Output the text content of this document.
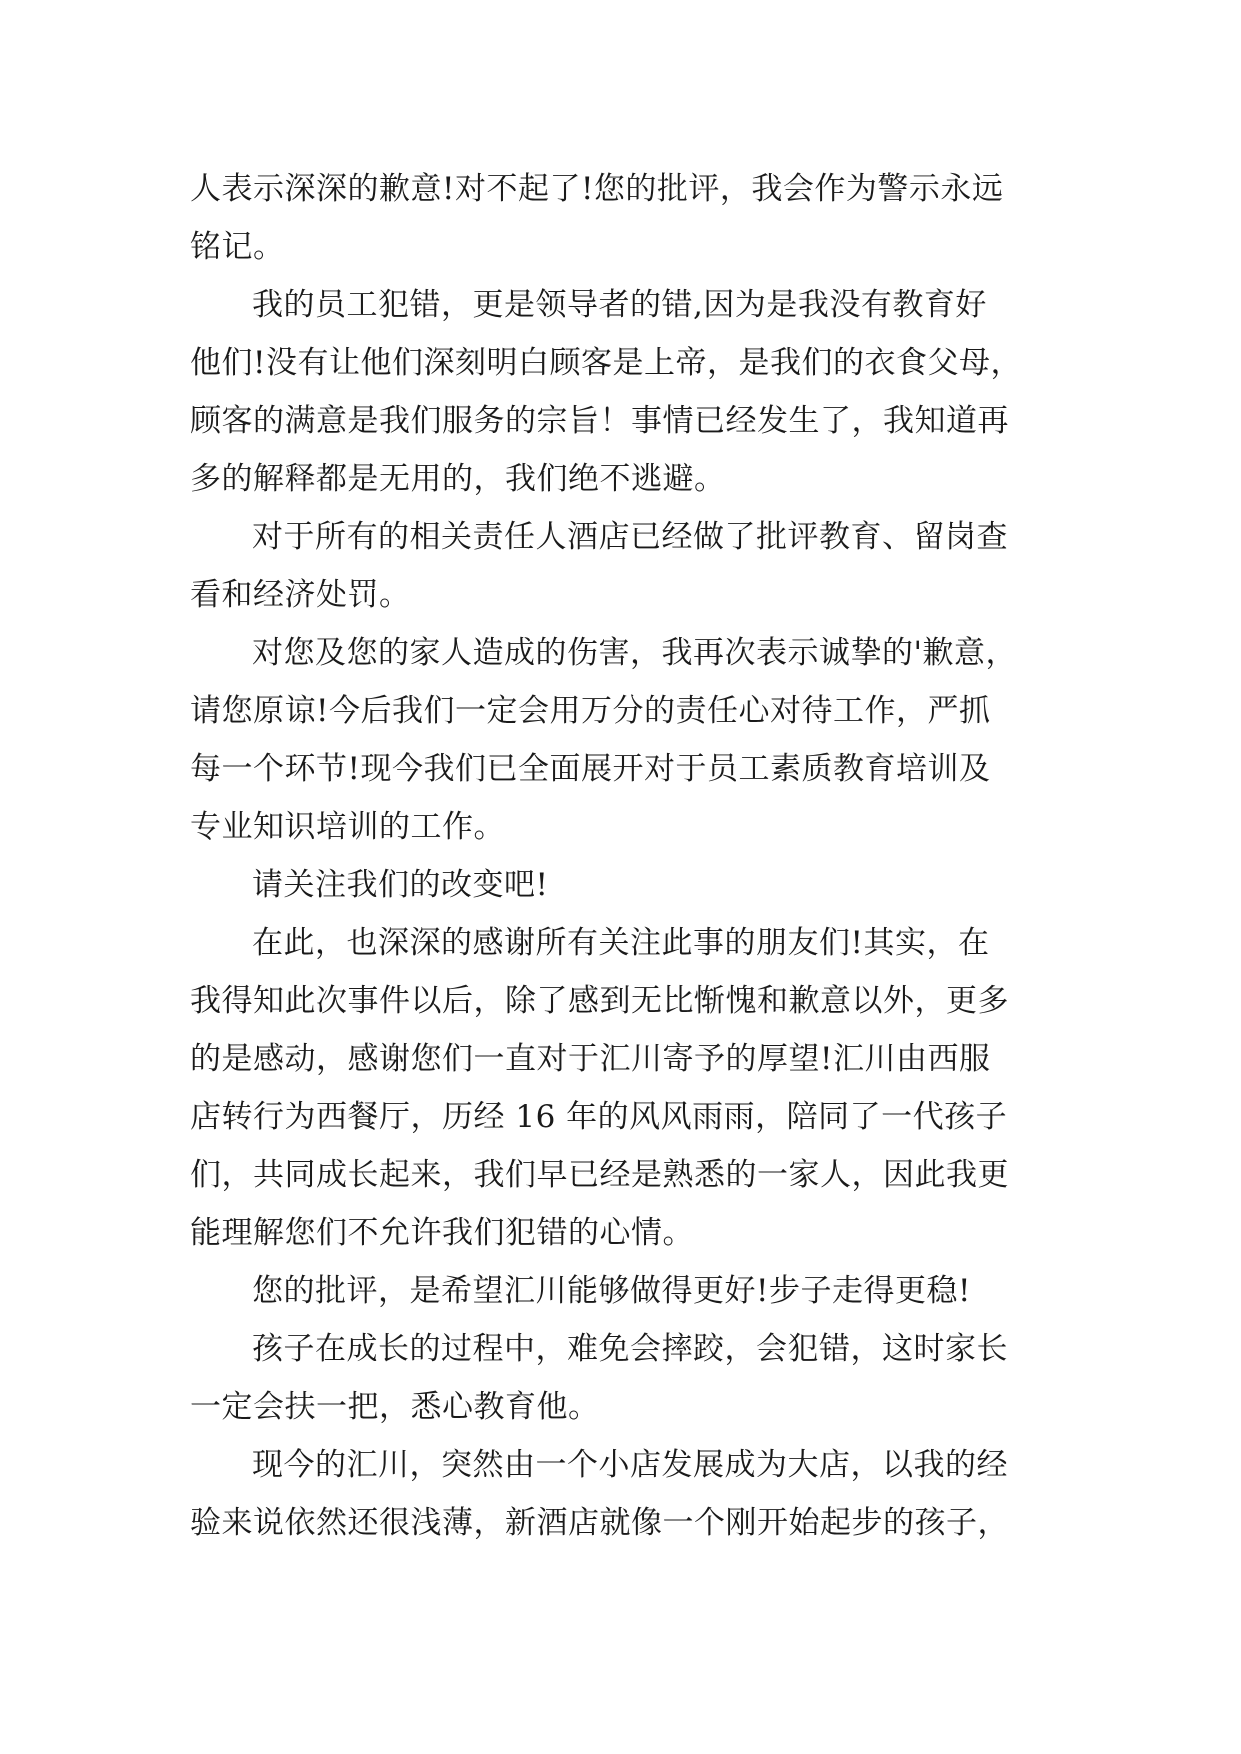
人表示深深的歉意!对不起了!您的批评，我会作为警示永远
铭记。
我的员工犯错，更是领导者的错,因为是我没有教育好
他们!没有让他们深刻明白顾客是上帝，是我们的衣食父母，
顾客的满意是我们服务的宗旨！事情已经发生了，我知道再
多的解释都是无用的，我们绝不逃避。
对于所有的相关责任人酒店已经做了批评教育、留岗查
看和经济处罚。
对您及您的家人造成的伤害，我再次表示诚挚的'歉意，
请您原谅!今后我们一定会用万分的责任心对待工作，严抓
每一个环节!现今我们已全面展开对于员工素质教育培训及
专业知识培训的工作。
请关注我们的改变吧!
在此，也深深的感谢所有关注此事的朋友们!其实，在
我得知此次事件以后，除了感到无比惭愧和歉意以外，更多
的是感动，感谢您们一直对于汇川寄予的厚望!汇川由西服
店转行为西餐厅，历经 16 年的风风雨雨，陪同了一代孩子
们，共同成长起来，我们早已经是熟悉的一家人，因此我更
能理解您们不允许我们犯错的心情。
您的批评，是希望汇川能够做得更好!步子走得更稳!
孩子在成长的过程中，难免会摔跤，会犯错，这时家长
一定会扶一把，悉心教育他。
现今的汇川，突然由一个小店发展成为大店，以我的经
验来说依然还很浅薄，新酒店就像一个刚开始起步的孩子，
